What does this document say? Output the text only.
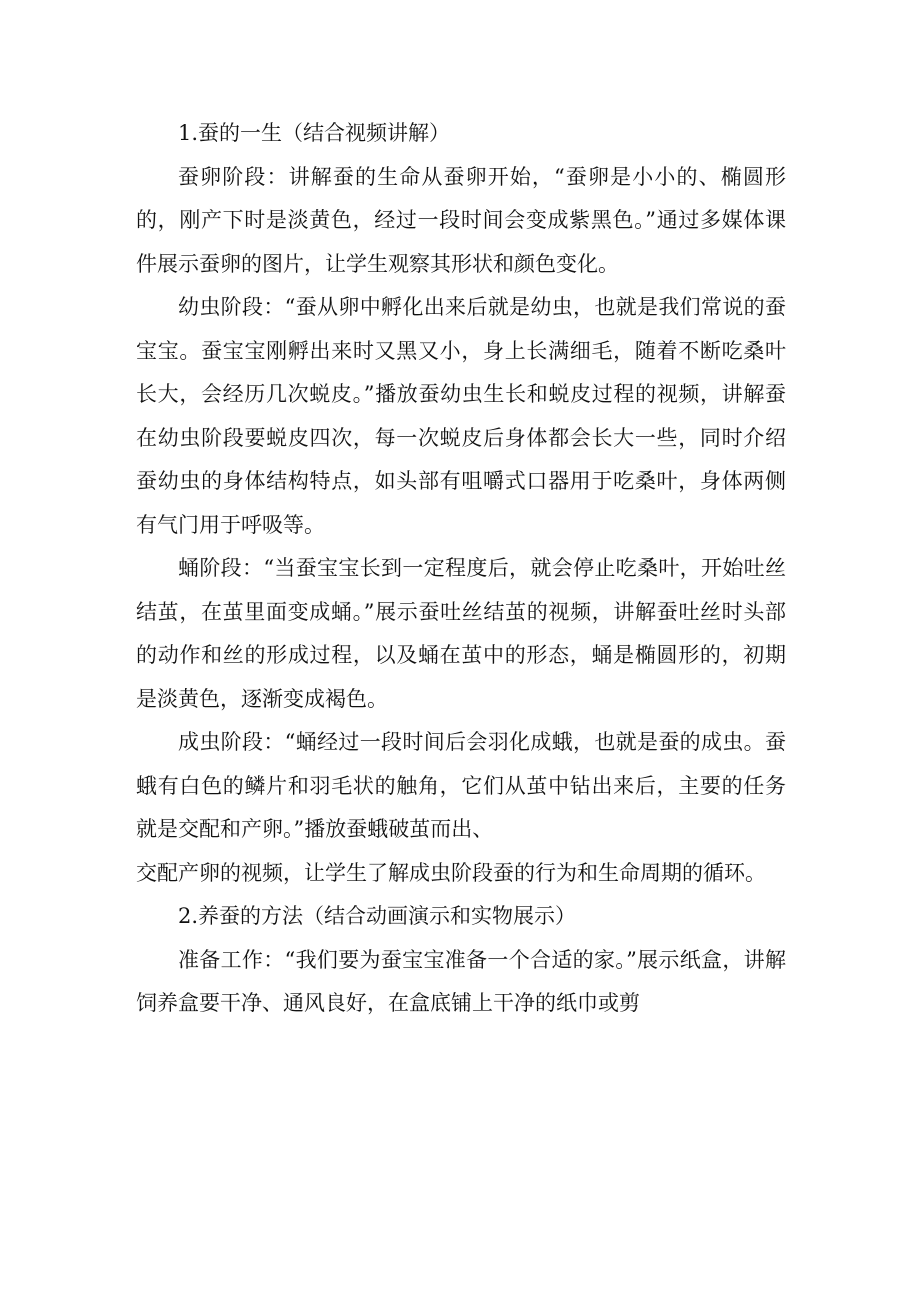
1.蚕的一生（结合视频讲解）

蚕卵阶段：讲解蚕的生命从蚕卵开始，“蚕卵是小小的、椭圆形的，刚产下时是淡黄色，经过一段时间会变成紫黑色。”通过多媒体课件展示蚕卵的图片，让学生观察其形状和颜色变化。

幼虫阶段：“蚕从卵中孵化出来后就是幼虫，也就是我们常说的蚕宝宝。蚕宝宝刚孵出来时又黑又小，身上长满细毛，随着不断吃桑叶长大，会经历几次蜕皮。”播放蚕幼虫生长和蜕皮过程的视频，讲解蚕在幼虫阶段要蜕皮四次，每一次蜕皮后身体都会长大一些，同时介绍蚕幼虫的身体结构特点，如头部有咀嚼式口器用于吃桑叶，身体两侧有气门用于呼吸等。

蛹阶段：“当蚕宝宝长到一定程度后，就会停止吃桑叶，开始吐丝结茧，在茧里面变成蛹。”展示蚕吐丝结茧的视频，讲解蚕吐丝时头部的动作和丝的形成过程，以及蛹在茧中的形态，蛹是椭圆形的，初期是淡黄色，逐渐变成褐色。

成虫阶段：“蛹经过一段时间后会羽化成蛾，也就是蚕的成虫。蚕蛾有白色的鳞片和羽毛状的触角，它们从茧中钻出来后，主要的任务就是交配和产卵。”播放蚕蛾破茧而出、

交配产卵的视频，让学生了解成虫阶段蚕的行为和生命周期的循环。

2.养蚕的方法（结合动画演示和实物展示）

准备工作：“我们要为蚕宝宝准备一个合适的家。”展示纸盒，讲解饲养盒要干净、通风良好，在盒底铺上干净的纸巾或剪
